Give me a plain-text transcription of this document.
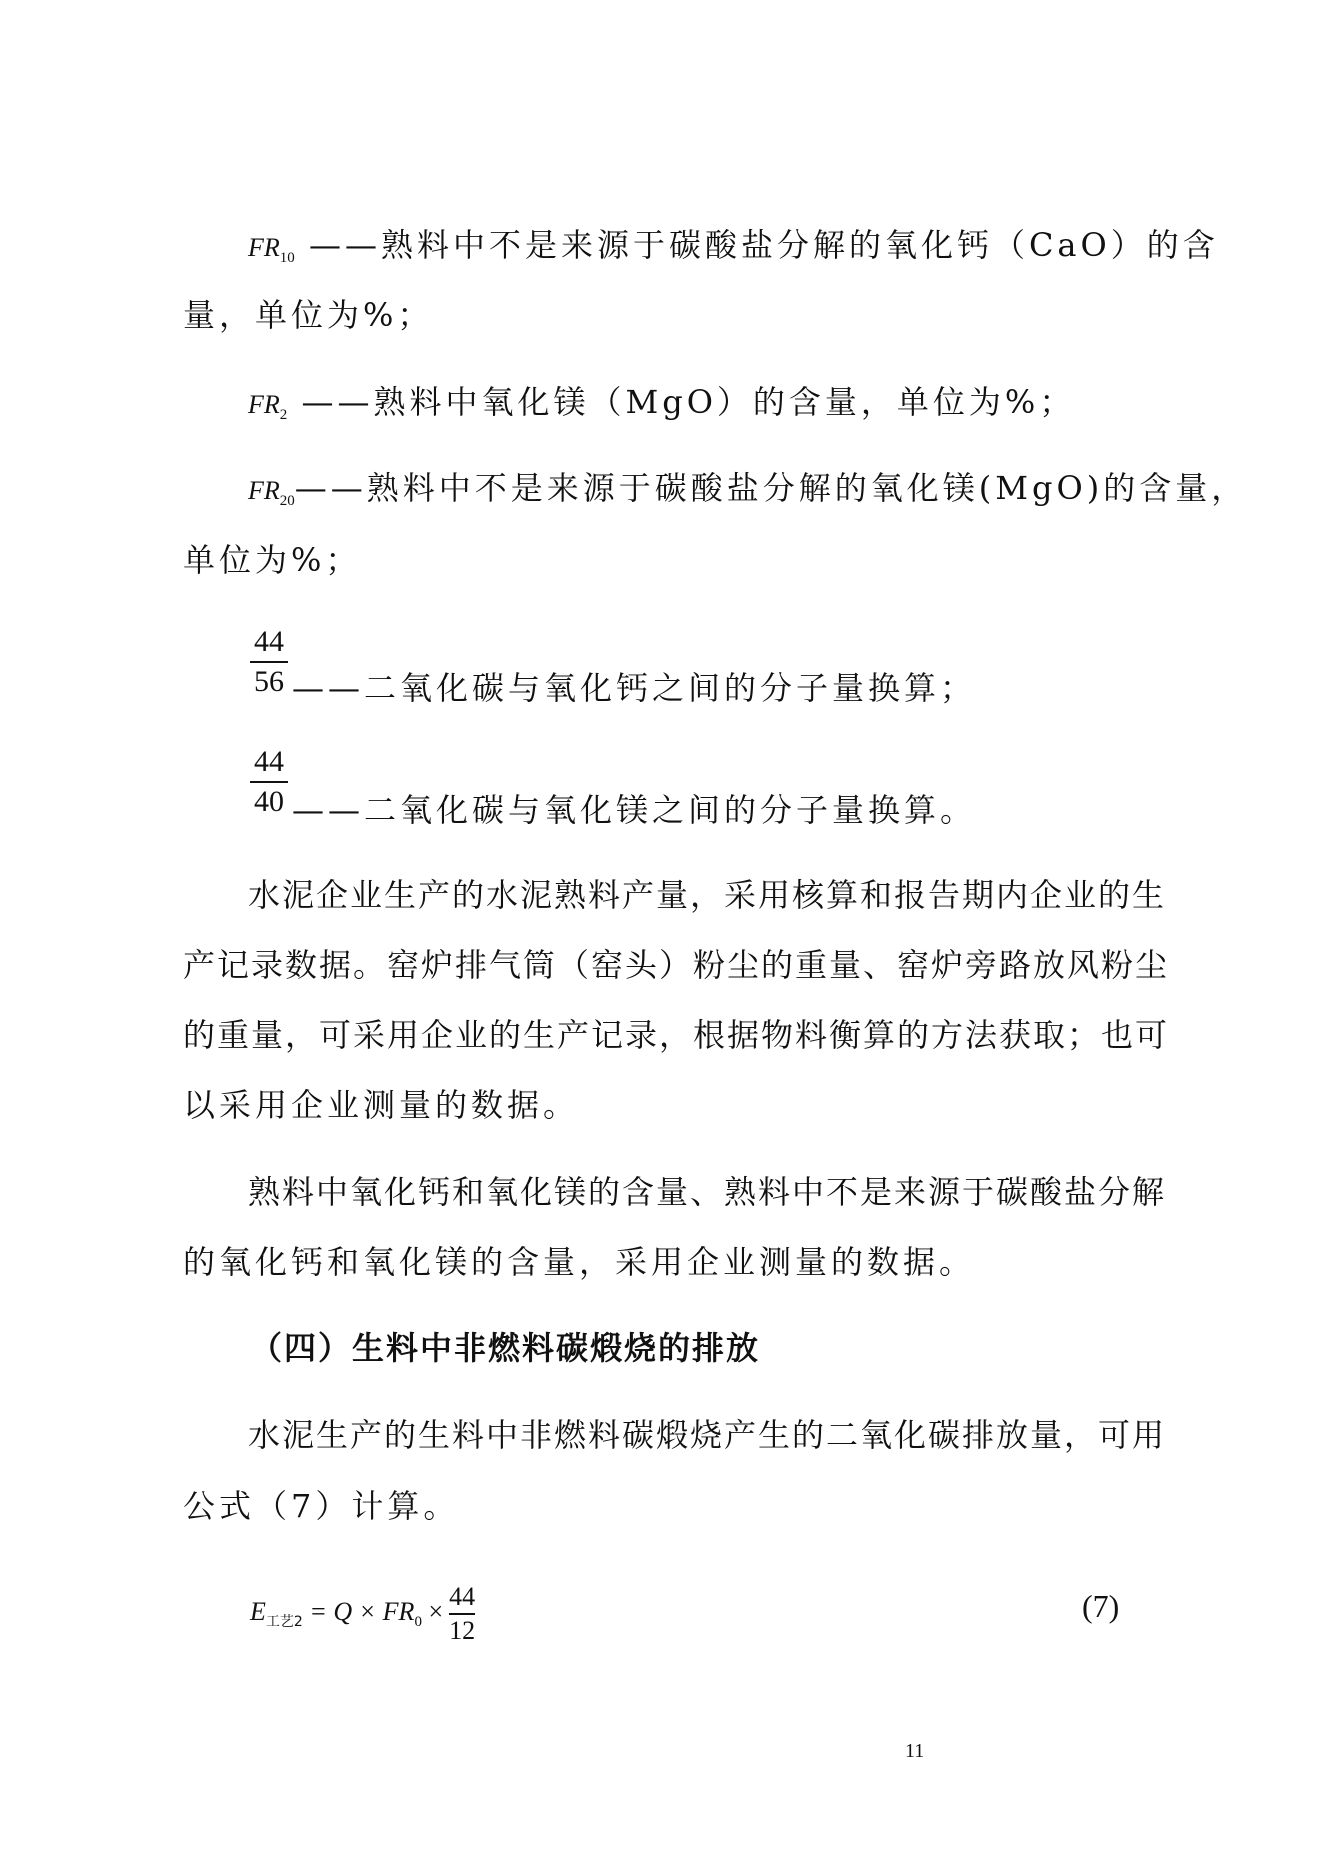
$FR_{10}$ ——熟料中不是来源于碳酸盐分解的氧化钙（CaO）的含
量，单位为%；
$FR_2$ ——熟料中氧化镁（MgO）的含量，单位为%；
$FR_{20}——$熟料中不是来源于碳酸盐分解的氧化镁(MgO)的含量，
单位为%；
44
56 ——二氧化碳与氧化钙之间的分子量换算；
44
40 ——二氧化碳与氧化镁之间的分子量换算。
水泥企业生产的水泥熟料产量，采用核算和报告期内企业的生
产记录数据。窑炉排气筒（窑头）粉尘的重量、窑炉旁路放风粉尘
的重量，可采用企业的生产记录，根据物料衡算的方法获取；也可
以采用企业测量的数据。
熟料中氧化钙和氧化镁的含量、熟料中不是来源于碳酸盐分解
的氧化钙和氧化镁的含量，采用企业测量的数据。
（四）生料中非燃料碳煅烧的排放
水泥生产的生料中非燃料碳煅烧产生的二氧化碳排放量，可用
公式（7）计算。
$E_{工艺2} = Q \times FR_0 \times \frac{44}{12}$	(7)
11
